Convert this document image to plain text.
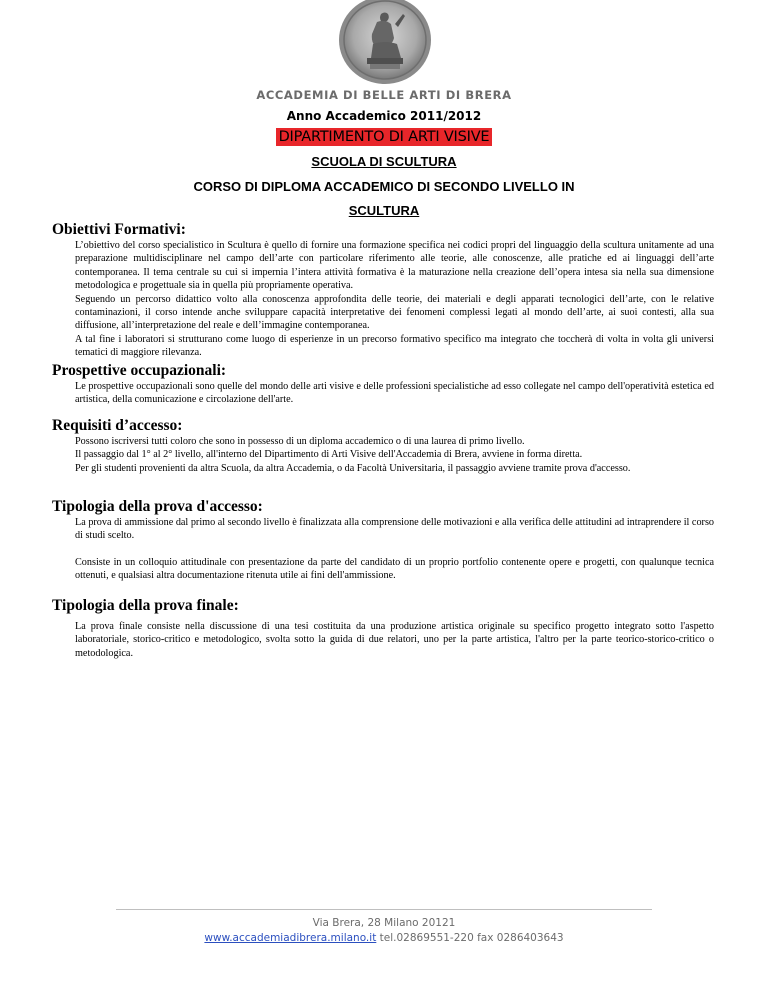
ACCADEMIA DI BELLE ARTI DI BRERA
Anno Accademico 2011/2012
DIPARTIMENTO DI ARTI VISIVE
SCUOLA DI SCULTURA
CORSO DI DIPLOMA ACCADEMICO DI SECONDO LIVELLO IN
SCULTURA
Obiettivi Formativi:

L’obiettivo del corso specialistico in Scultura è quello di fornire una formazione specifica nei codici propri del linguaggio della scultura unitamente ad una preparazione multidisciplinare nel campo dell’arte con particolare riferimento alle teorie, alle conoscenze, alle pratiche ed ai linguaggi dell’arte contemporanea. Il tema centrale su cui si impernia l’intera attività formativa è la maturazione nella creazione dell’opera intesa sia nella sua dimensione metodologica e progettuale sia in quella più propriamente operativa.

Seguendo un percorso didattico volto alla conoscenza approfondita delle teorie, dei materiali e degli apparati tecnologici dell’arte, con le relative contaminazioni, il corso intende anche sviluppare capacità interpretative dei fenomeni complessi legati al mondo dell’arte, ai suoi contesti, alla sua diffusione, all’interpretazione del reale e dell’immagine contemporanea.

A tal fine i laboratori si strutturano come luogo di esperienze in un precorso formativo specifico ma integrato che toccherà di volta in volta gli universi tematici di maggiore rilevanza.

Prospettive occupazionali:

Le prospettive occupazionali sono quelle del mondo delle arti visive e delle professioni specialistiche ad esso collegate nel campo dell'operatività estetica ed artistica, della comunicazione e circolazione dell'arte.

Requisiti d’accesso:

Possono iscriversi tutti coloro che sono in possesso di un diploma accademico o di una laurea di primo livello.

Il passaggio dal 1° al 2° livello, all'interno del Dipartimento di Arti Visive dell'Accademia di Brera, avviene in forma diretta.

Per gli studenti provenienti da altra Scuola, da altra Accademia, o da Facoltà Universitaria, il passaggio avviene tramite prova d'accesso.

Tipologia della prova d'accesso:

La prova di ammissione dal primo al secondo livello è finalizzata alla comprensione delle motivazioni e alla verifica delle attitudini ad intraprendere il corso di studi scelto.

Consiste in un colloquio attitudinale con presentazione da parte del candidato di un proprio portfolio contenente opere e progetti, con qualunque tecnica ottenuti, e qualsiasi altra documentazione ritenuta utile ai fini dell'ammissione.

Tipologia della prova finale:

La prova finale consiste nella discussione di una tesi costituita da una produzione artistica originale su specifico progetto integrato sotto l'aspetto laboratoriale, storico-critico e metodologico, svolta sotto la guida di due relatori, uno per la parte artistica, l'altro per la parte teorico-storico-critico o metodologica.

Via Brera, 28 Milano 20121
www.accademiadibrera.milano.it tel.02869551-220 fax 0286403643
